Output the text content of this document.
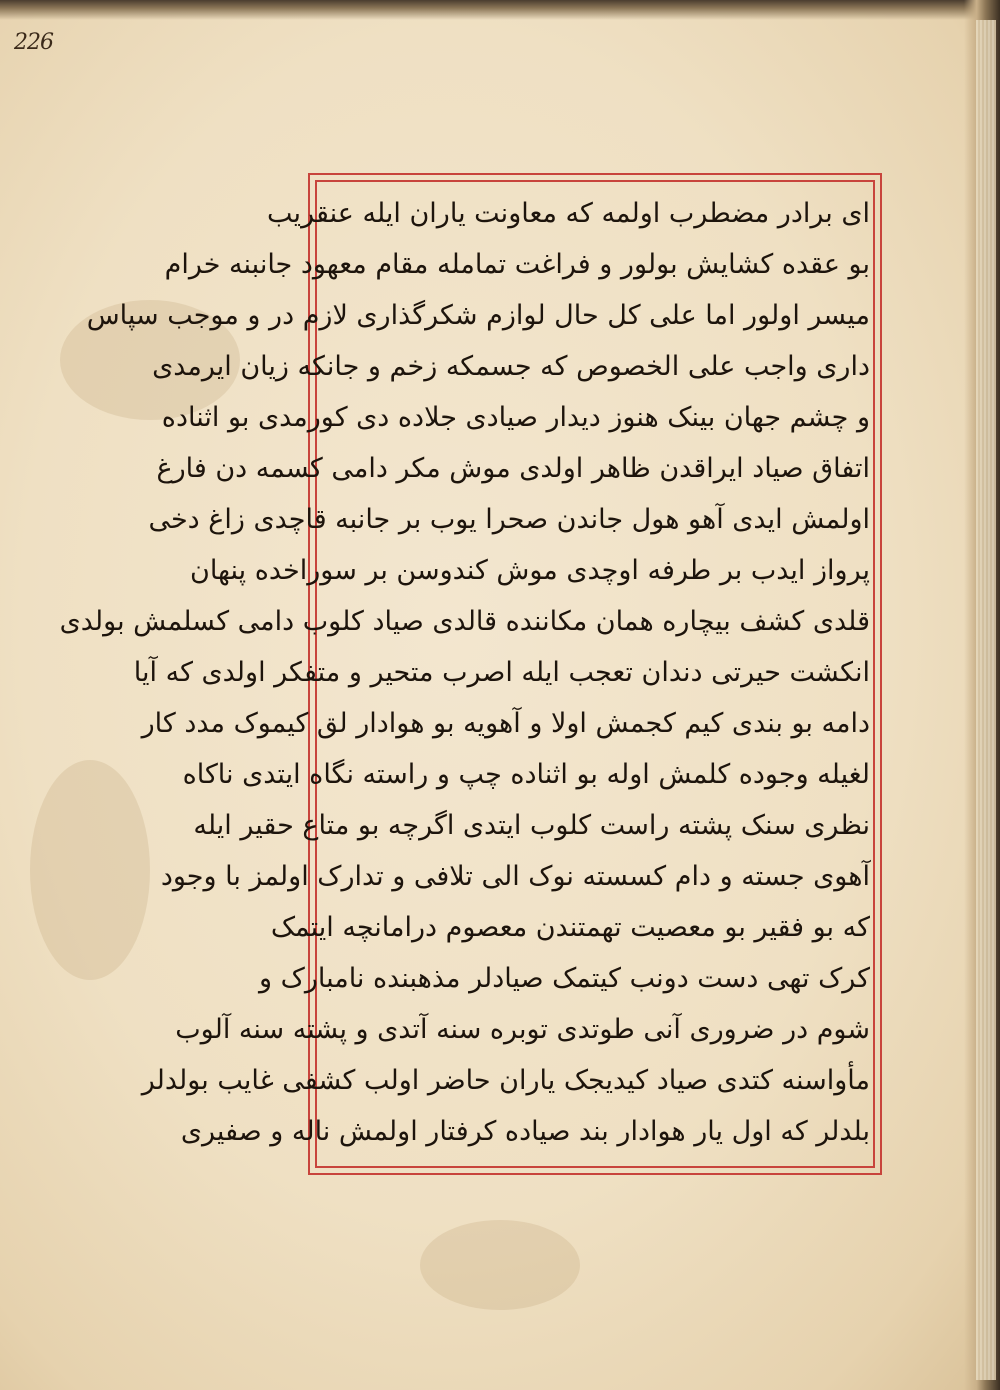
226
ای برادر مضطرب اولمه که معاونت یاران ایله عنقریب
بو عقده کشایش بولور و فراغت تماملە مقام معهود جانبنه خرام
میسر اولور اما علی کل حال لوازم شکرگذاری لازم در و موجب سپاس
داری واجب علی الخصوص که جسمکه زخم و جانکه زیان ایرمدی
و چشم جهان بینک هنوز دیدار صیادی جلاده دی کورمدی بو اثناده
اتفاق صیاد ایراقدن ظاهر اولدی موش مکر دامی کسمه دن فارغ
اولمش ایدی آهو هول جاندن صحرا یوب بر جانبه قاچدی زاغ دخی
پرواز ایدب بر طرفه اوچدی موش کندوسن بر سوراخده پنهان
قلدی کشف بیچاره همان مکاننده قالدی صیاد کلوب دامی کسلمش بولدی
انکشت حیرتی دندان تعجب ایله اصرب متحیر و متفکر اولدی که آیا
دامه بو بندی کیم کجمش اولا و آهویه بو هوادار لق کیموک مدد کار
لغیله وجوده کلمش اوله بو اثناده چپ و راسته نگاه ایتدی ناکاه
نظری سنک پشته راست کلوب ایتدی اگرچه بو متاع حقیر ایله
آهوی جسته و دام کسسته نوک الی تلافی و تدارک اولمز با وجود
که بو فقیر بو معصیت تهمتندن معصوم درامانچه ایتمک
کرک تهی دست دونب کیتمک صیادلر مذهبنده نامبارک و
شوم در ضروری آنی طوتدی توبره سنه آتدی و پشته سنه آلوب
مأواسنه کتدی صیاد کیدیجک یاران حاضر اولب کشفی غایب بولدلر
بلدلر که اول یار هوادار بند صیاده کرفتار اولمش ناله و صفیری
